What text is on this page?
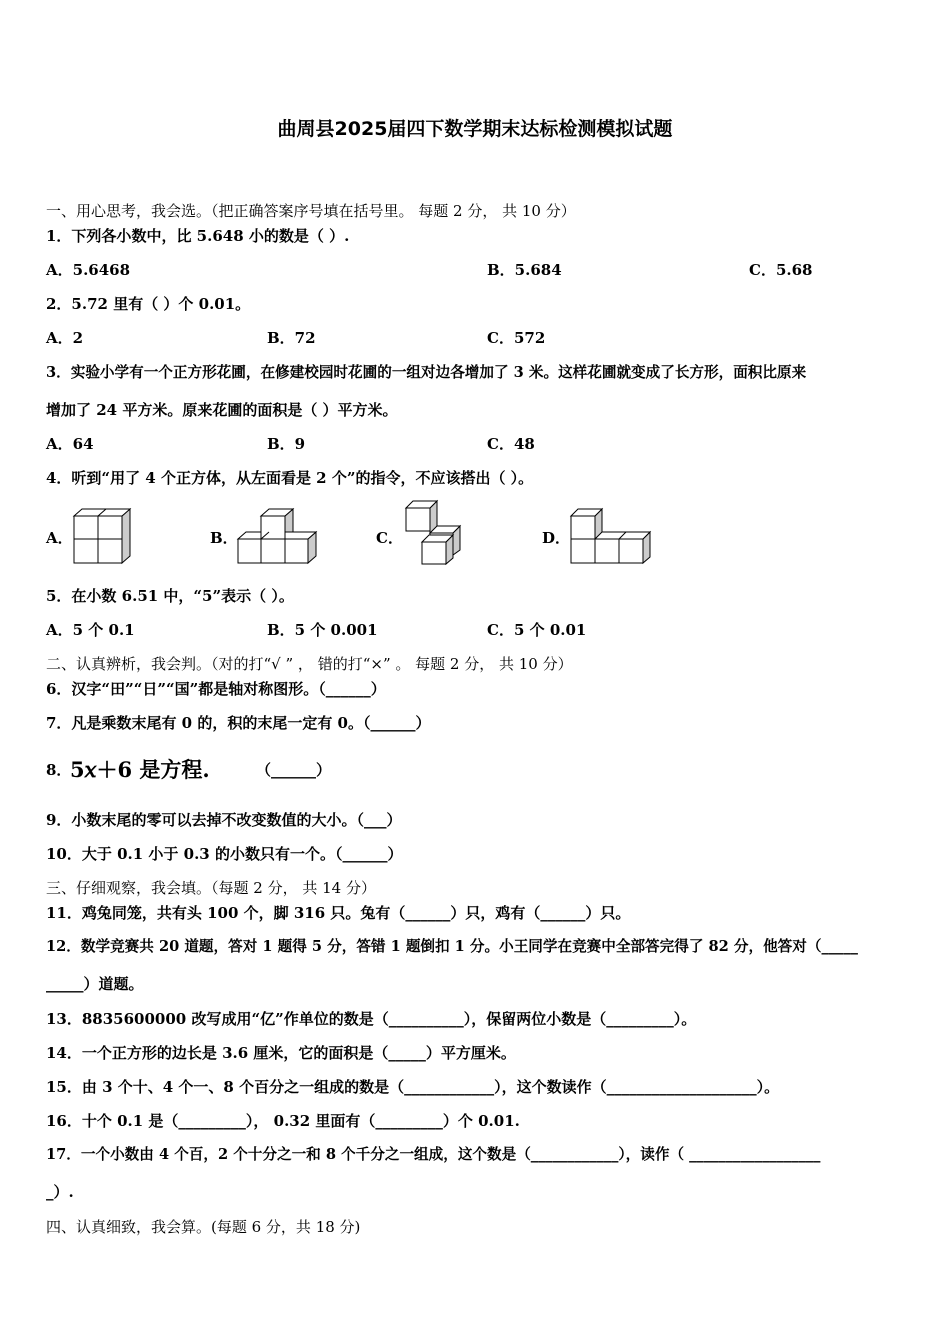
曲周县2025届四下数学期末达标检测模拟试题
一、用心思考，我会选。（把正确答案序号填在括号里。 每题 2 分， 共 10 分）
1．下列各小数中，比 5.648 小的数是（ ）.
A．5.6468	B．5.684	C．5.68
2．5.72 里有（ ）个 0.01。
A．2	B．72	C．572
3．实验小学有一个正方形花圃，在修建校园时花圃的一组对边各增加了 3 米。这样花圃就变成了长方形，面积比原来
增加了 24 平方米。原来花圃的面积是（ ）平方米。
A．64	B．9	C．48
4．听到“用了 4 个正方体，从左面看是 2 个”的指令，不应该搭出（ ）。
A．	B．	C．	D．
5．在小数 6.51 中，“5”表示（ ）。
A．5 个 0.1	B．5 个 0.001	C．5 个 0.01
二、认真辨析，我会判。（对的打“√ ” ， 错的打“×” 。 每题 2 分， 共 10 分）
6．汉字“田”“日”“国”都是轴对称图形。（______）
7．凡是乘数末尾有 0 的，积的末尾一定有 0。（______）
8．
5𝑥＋6 是方程.	（______）
9．小数末尾的零可以去掉不改变数值的大小。（___）
10．大于 0.1 小于 0.3 的小数只有一个。（______）
三、仔细观察，我会填。（每题 2 分， 共 14 分）
11．鸡兔同笼，共有头 100 个，脚 316 只。兔有（______）只，鸡有（______）只。
12．数学竞赛共 20 道题，答对 1 题得 5 分，答错 1 题倒扣 1 分。小王同学在竞赛中全部答完得了 82 分，他答对（_____
_____）道题。
13．8835600000 改写成用“亿”作单位的数是（__________），保留两位小数是（_________）。
14．一个正方形的边长是 3.6 厘米，它的面积是（_____）平方厘米。
15．由 3 个十、4 个一、8 个百分之一组成的数是（____________），这个数读作（____________________）。
16．十个 0.1 是（_________）， 0.32 里面有（_________）个 0.01.
17．一个小数由 4 个百，2 个十分之一和 8 个千分之一组成，这个数是（____________），读作（ __________________
_）.
四、认真细致，我会算。(每题 6 分，共 18 分)
